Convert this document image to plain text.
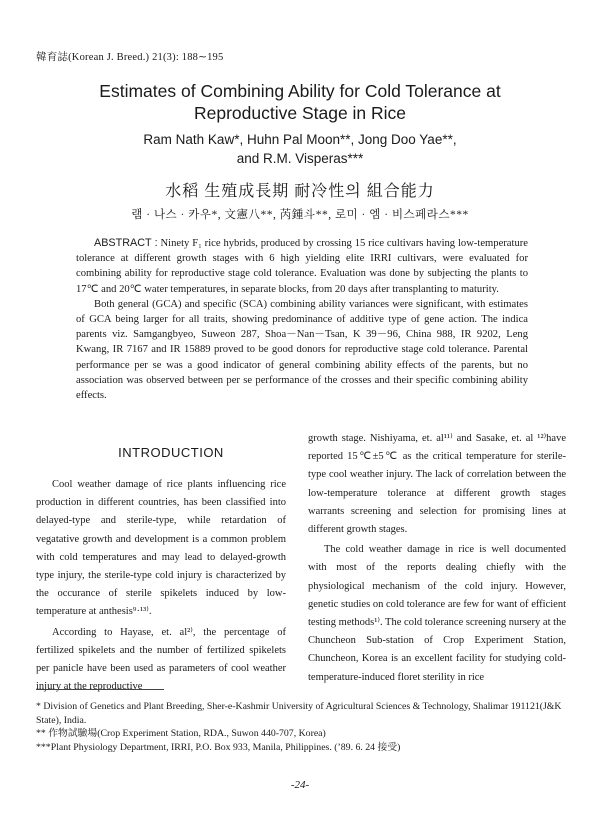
韓育誌(Korean J. Breed.) 21(3): 188∼195
Estimates of Combining Ability for Cold Tolerance at
Reproductive Stage in Rice
Ram Nath Kaw*, Huhn Pal Moon**, Jong Doo Yae**,
and R.M. Visperas***
水稻 生殖成長期 耐冷性의 組合能力
램 · 나스 · 카우*, 文憲八**, 芮鍾斗**, 로미 · 엠 · 비스페라스***

ABSTRACT : Ninety F₁ rice hybrids, produced by crossing 15 rice cultivars having low-temperature tolerance at different growth stages with 6 high yielding elite IRRI cultivars, were evaluated for combining ability for reproductive stage cold tolerance. Evaluation was done by subjecting the plants to 17℃ and 20℃ water temperatures, in separate blocks, from 20 days after transplanting to maturity.

Both general (GCA) and specific (SCA) combining ability variances were significant, with estimates of GCA being larger for all traits, showing predominance of additive type of gene action. The indica parents viz. Samgangbyeo, Suweon 287, Shoa－Nan－Tsan, K 39－96, China 988, IR 9202, Leng Kwang, IR 7167 and IR 15889 proved to be good donors for reproductive stage cold tolerance. Parental performance per se was a good indicator of general combining ability effects of the parents, but no association was observed between per se performance of the crosses and their specific combining ability effects.

INTRODUCTION

Cool weather damage of rice plants influencing rice production in different countries, has been classified into delayed-type and sterile-type, while retardation of vegatative growth and development is a common problem with cold temperatures and may lead to delayed-growth type injury, the sterile-type cold injury is characterized by the occurance of sterile spikelets induced by low-temperature at anthesis⁹·¹³⁾.

According to Hayase, et. al²⁾, the percentage of fertilized spikelets and the number of fertilized spikelets per panicle have been used as parameters of cool weather injury at the reproductive

growth stage. Nishiyama, et. al¹¹⁾ and Sasake, et. al ¹²⁾have reported 15℃±5℃ as the critical temperature for sterile-type cool weather injury. The lack of correlation between the low-temperature tolerance at different growth stages warrants screening and selection for promising lines at different growth stages.

The cold weather damage in rice is well documented with most of the reports dealing chiefly with the physiological mechanism of the cold injury. However, genetic studies on cold tolerance are few for want of efficient testing methods¹⁾. The cold tolerance screening nursery at the Chuncheon Sub-station of Crop Experiment Station, Chuncheon, Korea is an excellent facility for studying cold-temperature-induced floret sterility in rice

* Division of Genetics and Plant Breeding, Sher-e-Kashmir University of Agricultural Sciences & Technology, Shalimar 191121(J&K State), India.
** 作物試驗場(Crop Experiment Station, RDA., Suwon 440-707, Korea)
***Plant Physiology Department, IRRI, P.O. Box 933, Manila, Philippines. (’89. 6. 24 接受)
-24-
